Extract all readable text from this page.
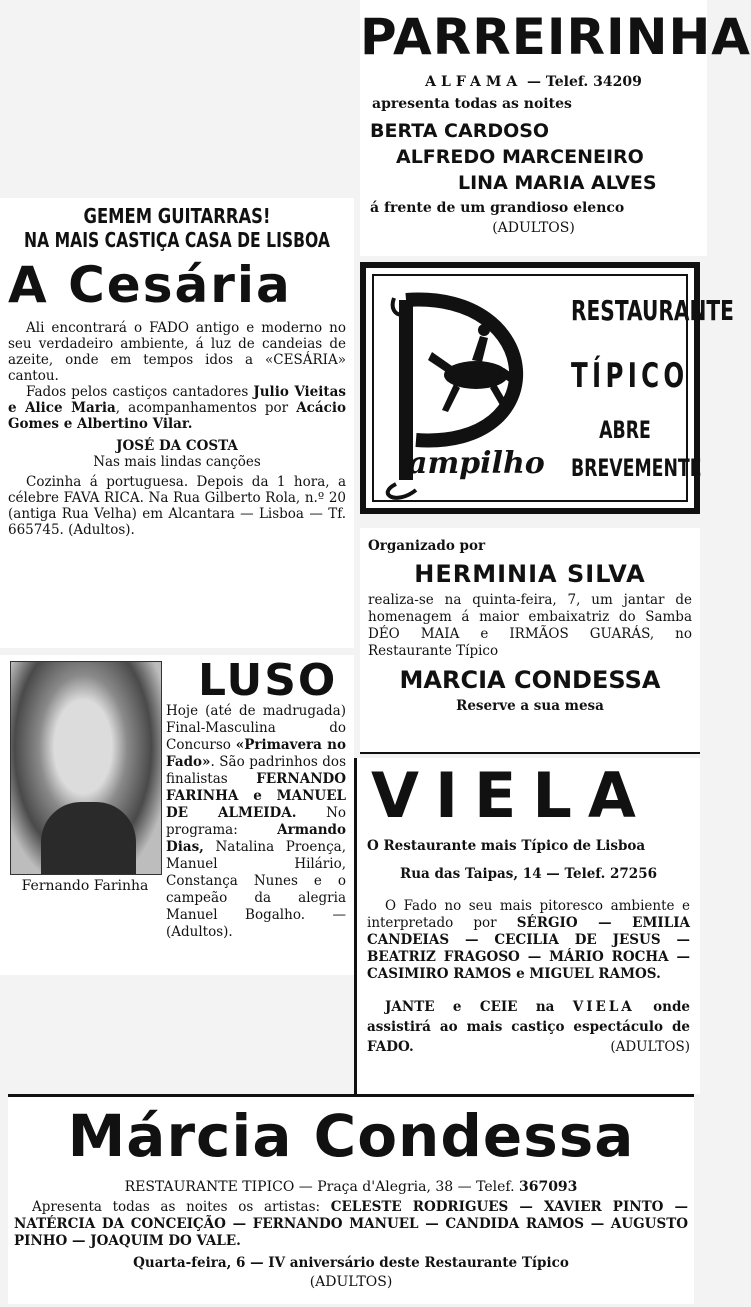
PARREIRINHA
ALFAMA — Telef. 34209
apresenta todas as noites
BERTA CARDOSO
ALFREDO MARCENEIRO
LINA MARIA ALVES
á frente de um grandioso elenco
(ADULTOS)
GEMEM GUITARRAS!
NA MAIS CASTIÇA CASA DE LISBOA
A Cesária

Ali encontrará o FADO antigo e moderno no seu verdadeiro ambiente, á luz de candeias de azeite, onde em tempos idos a «CESÁRIA» cantou.

Fados pelos castiços cantadores Julio Vieitas e Alice Maria, acompanhamentos por Acácio Gomes e Albertino Vilar.

JOSÉ DA COSTA
Nas mais lindas canções

Cozinha á portuguesa. Depois da 1 hora, a célebre FAVA RICA. Na Rua Gilberto Rola, n.º 20 (antiga Rua Velha) em Alcantara — Lisboa — Tf. 665745. (Adultos).

Fernando Farinha
LUSO
Hoje (até de madrugada) Final-Masculina do Concurso «Primavera no Fado». São padrinhos dos finalistas FERNANDO FARINHA e MANUEL DE ALMEIDA. No programa: Armando Dias, Natalina Proença, Manuel Hilário, Constança Nunes e o campeão da alegria Manuel Bogalho. — (Adultos).
ampilho
RESTAURANTE
TÍPICO
ABRE
BREVEMENTE
Organizado por
HERMINIA SILVA

realiza-se na quinta-feira, 7, um jantar de homenagem á maior embaixatriz do Samba DÉO MAIA e IRMÃOS GUARÁS, no Restaurante Típico

MARCIA CONDESSA
Reserve a sua mesa
VIELA
O Restaurante mais Típico de Lisboa
Rua das Taipas, 14 — Telef. 27256

O Fado no seu mais pitoresco ambiente e interpretado por SÉRGIO — EMILIA CANDEIAS — CECILIA DE JESUS — BEATRIZ FRAGOSO — MÁRIO ROCHA — CASIMIRO RAMOS e MIGUEL RAMOS.

JANTE e CEIE na VIELA onde assistirá ao mais castiço espectáculo de FADO.	(ADULTOS)

Márcia Condessa
RESTAURANTE TIPICO — Praça d'Alegria, 38 — Telef. 367093

Apresenta todas as noites os artistas: CELESTE RODRIGUES — XAVIER PINTO — NATÉRCIA DA CONCEIÇÃO — FERNANDO MANUEL — CANDIDA RAMOS — AUGUSTO PINHO — JOAQUIM DO VALE.

Quarta-feira, 6 — IV aniversário deste Restaurante Típico
(ADULTOS)
